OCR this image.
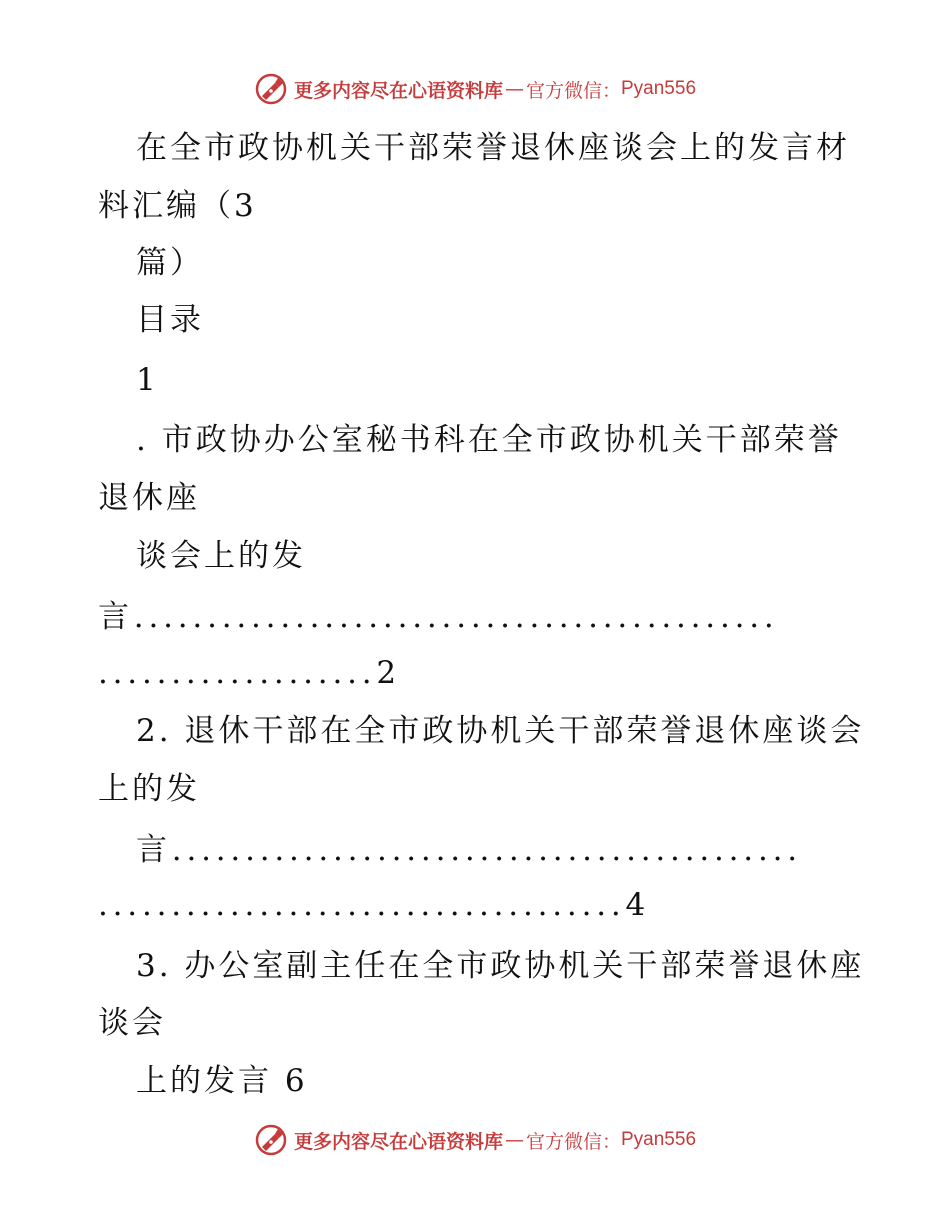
更多内容尽在心语资料库 — 官方微信： Pyan556

在全市政协机关干部荣誉退休座谈会上的发言材

料汇编（3

篇）

目录

1

. 市政协办公室秘书科在全市政协机关干部荣誉

退休座

谈会上的发

言............................................

...................2

2. 退休干部在全市政协机关干部荣誉退休座谈会

上的发

言...........................................

....................................4

3. 办公室副主任在全市政协机关干部荣誉退休座

谈会

上的发言 6

更多内容尽在心语资料库 — 官方微信： Pyan556
